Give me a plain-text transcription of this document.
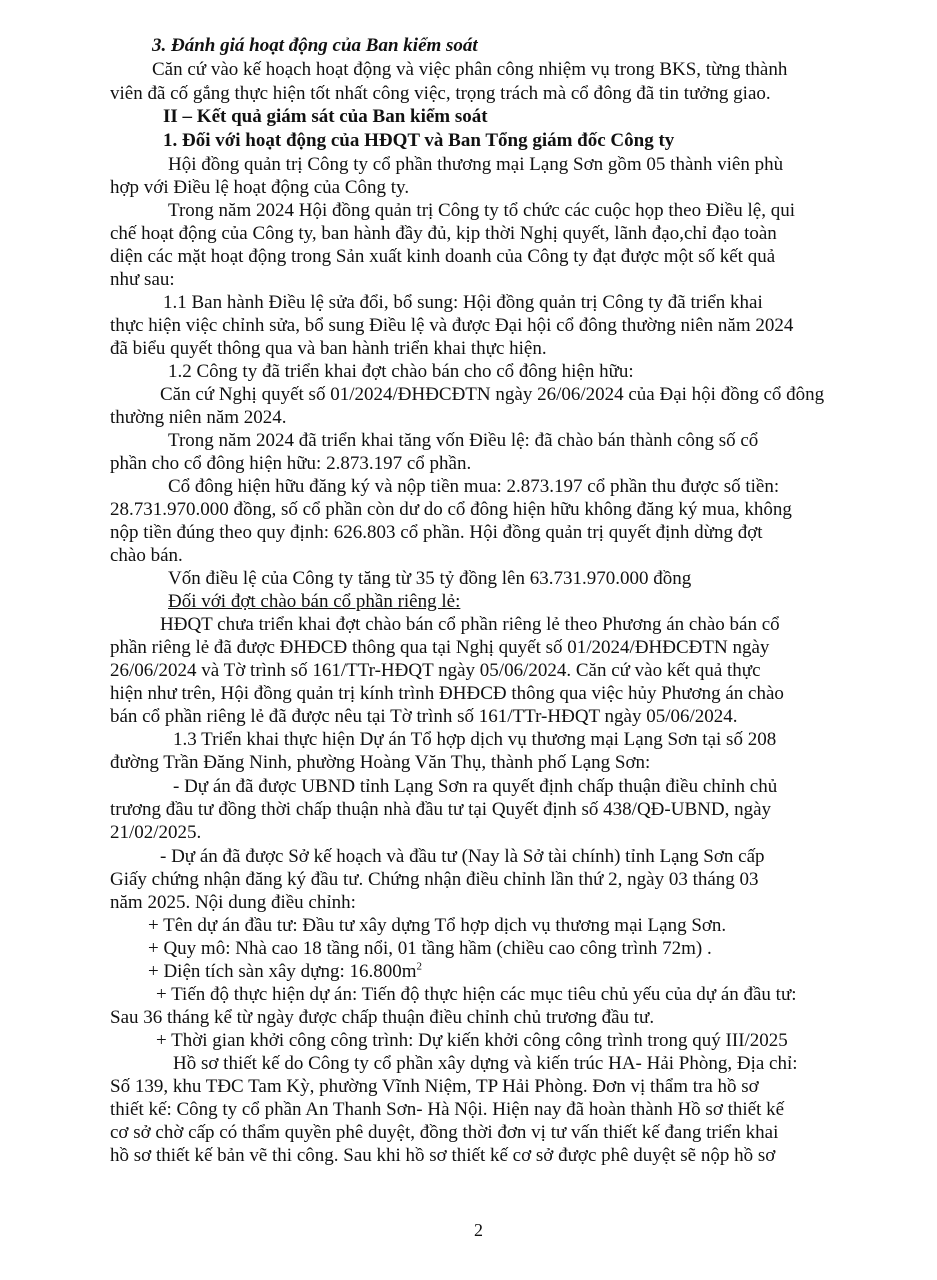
3. Đánh giá hoạt động của Ban kiểm soát
Căn cứ vào kế hoạch hoạt động và việc phân công nhiệm vụ trong BKS, từng thành
viên đã cố gắng thực hiện tốt nhất công việc, trọng trách mà cổ đông đã tin tưởng giao.
II – Kết quả giám sát của Ban kiểm soát
1. Đối với hoạt động của HĐQT và Ban Tổng giám đốc Công ty
Hội đồng quản trị Công ty cổ phần thương mại Lạng Sơn gồm 05 thành viên phù
hợp với Điều lệ hoạt động của Công ty.
Trong năm 2024 Hội đồng quản trị Công ty tổ chức các cuộc họp theo Điều lệ, qui
chế hoạt động của Công ty, ban hành đầy đủ, kịp thời Nghị quyết, lãnh đạo,chỉ đạo toàn
diện các mặt hoạt động trong Sản xuất kinh doanh của Công ty đạt được một số kết quả
như sau:
1.1 Ban hành Điều lệ sửa đổi, bổ sung: Hội đồng quản trị Công ty đã triển khai
thực hiện việc chỉnh sửa, bổ sung Điều lệ và được Đại hội cổ đông thường niên năm 2024
đã biểu quyết thông qua và ban hành triển khai thực hiện.
1.2 Công ty đã triển khai đợt chào bán cho cổ đông hiện hữu:
Căn cứ Nghị quyết số 01/2024/ĐHĐCĐTN ngày 26/06/2024 của Đại hội đồng cổ đông
thường niên năm 2024.
Trong năm 2024 đã triển khai tăng vốn Điều lệ: đã chào bán thành công số cổ
phần cho cổ đông hiện hữu: 2.873.197 cổ phần.
Cổ đông hiện hữu đăng ký và nộp tiền mua: 2.873.197 cổ phần thu được số tiền:
28.731.970.000 đồng, số cổ phần còn dư do cổ đông hiện hữu không đăng ký mua, không
nộp tiền đúng theo quy định: 626.803 cổ phần. Hội đồng quản trị quyết định dừng đợt
chào bán.
Vốn điều lệ của Công ty tăng từ 35 tỷ đồng lên 63.731.970.000 đồng
Đối với đợt chào bán cổ phần riêng lẻ:
HĐQT chưa triển khai đợt chào bán cổ phần riêng lẻ theo Phương án chào bán cổ
phần riêng lẻ đã được ĐHĐCĐ thông qua tại Nghị quyết số 01/2024/ĐHĐCĐTN ngày
26/06/2024 và Tờ trình số 161/TTr-HĐQT ngày 05/06/2024. Căn cứ vào kết quả thực
hiện như trên, Hội đồng quản trị kính trình ĐHĐCĐ thông qua việc hủy Phương án chào
bán cổ phần riêng lẻ đã được nêu tại Tờ trình số 161/TTr-HĐQT ngày 05/06/2024.
1.3 Triển khai thực hiện Dự án Tổ hợp dịch vụ thương mại Lạng Sơn tại số 208
đường Trần Đăng Ninh, phường Hoàng Văn Thụ, thành phố Lạng Sơn:
- Dự án đã được UBND tỉnh Lạng Sơn ra quyết định chấp thuận điều chỉnh chủ
trương đầu tư đồng thời chấp thuận nhà đầu tư tại Quyết định số 438/QĐ-UBND, ngày
21/02/2025.
- Dự án đã được Sở kế hoạch và đầu tư (Nay là Sở tài chính) tỉnh Lạng Sơn cấp
Giấy chứng nhận đăng ký đầu tư. Chứng nhận điều chỉnh lần thứ 2, ngày 03 tháng 03
năm 2025. Nội dung điều chỉnh:
+ Tên dự án đầu tư: Đầu tư xây dựng Tổ hợp dịch vụ thương mại Lạng Sơn.
+ Quy mô: Nhà cao 18 tầng nổi, 01 tầng hầm (chiều cao công trình 72m) .
+ Diện tích sàn xây dựng: $16.800m^2$
+ Tiến độ thực hiện dự án: Tiến độ thực hiện các mục tiêu chủ yếu của dự án đầu tư:
Sau 36 tháng kể từ ngày được chấp thuận điều chỉnh chủ trương đầu tư.
+ Thời gian khởi công công trình: Dự kiến khởi công công trình trong quý III/2025
Hồ sơ thiết kế do Công ty cổ phần xây dựng và kiến trúc HA- Hải Phòng, Địa chỉ:
Số 139, khu TĐC Tam Kỳ, phường Vĩnh Niệm, TP Hải Phòng. Đơn vị thẩm tra hồ sơ
thiết kế: Công ty cổ phần An Thanh Sơn- Hà Nội. Hiện nay đã hoàn thành Hồ sơ thiết kế
cơ sở chờ cấp có thẩm quyền phê duyệt, đồng thời đơn vị tư vấn thiết kế đang triển khai
hồ sơ thiết kế bản vẽ thi công. Sau khi hồ sơ thiết kế cơ sở được phê duyệt sẽ nộp hồ sơ
2
